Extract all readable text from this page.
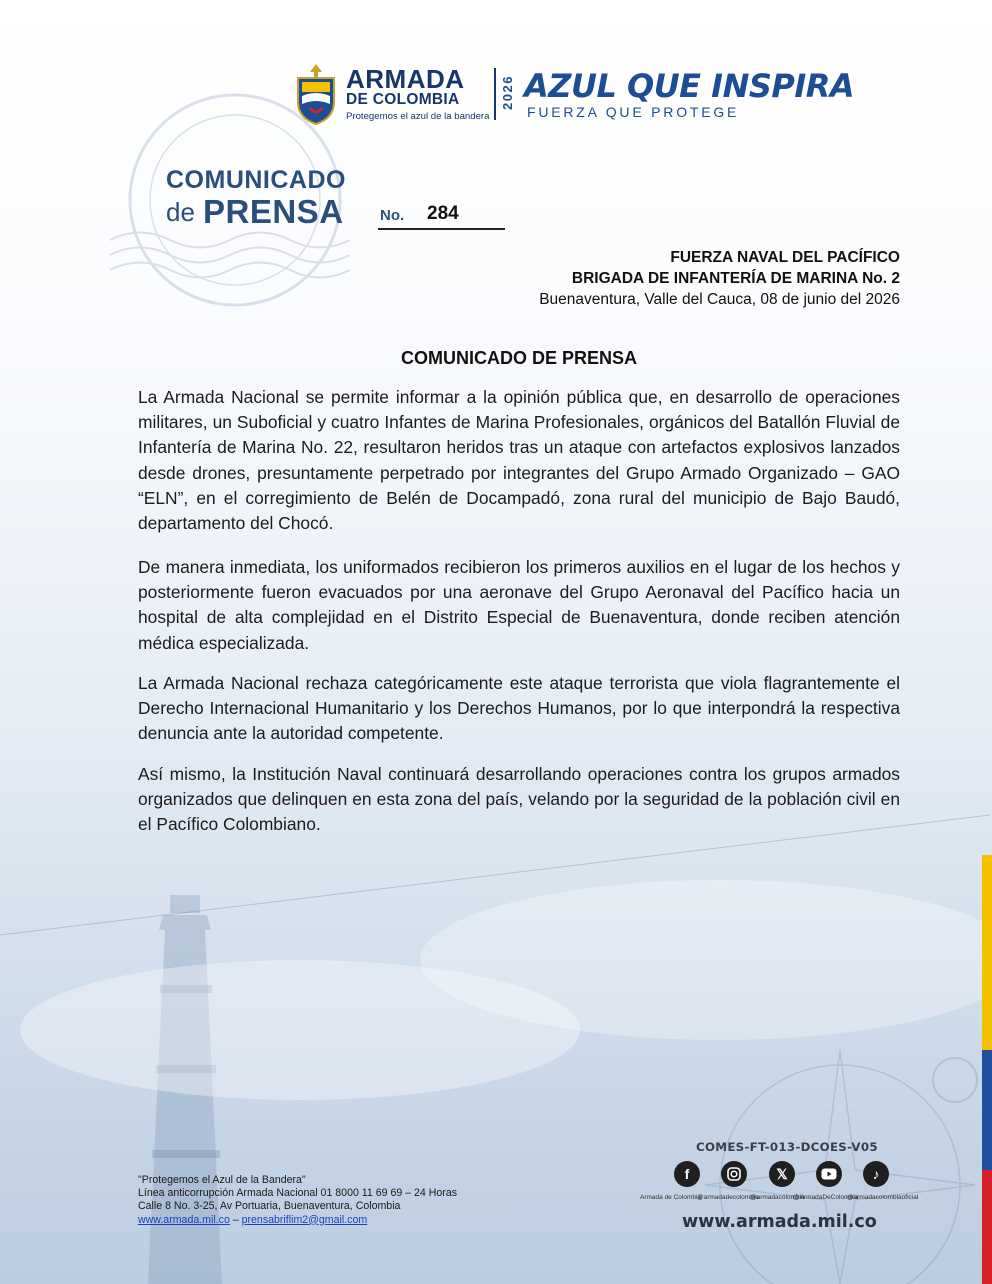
ARMADA
DE COLOMBIA
Protegemos el azul de la bandera
2026 AZUL QUE INSPIRA
FUERZA QUE PROTEGE
COMUNICADO
de PRENSA No. 284
FUERZA NAVAL DEL PACÍFICO
BRIGADA DE INFANTERÍA DE MARINA No. 2
Buenaventura, Valle del Cauca, 08 de junio del 2026
COMUNICADO DE PRENSA
La Armada Nacional se permite informar a la opinión pública que, en desarrollo de operaciones militares, un Suboficial y cuatro Infantes de Marina Profesionales, orgánicos del Batallón Fluvial de Infantería de Marina No. 22, resultaron heridos tras un ataque con artefactos explosivos lanzados desde drones, presuntamente perpetrado por integrantes del Grupo Armado Organizado – GAO “ELN”, en el corregimiento de Belén de Docampadó, zona rural del municipio de Bajo Baudó, departamento del Chocó.
De manera inmediata, los uniformados recibieron los primeros auxilios en el lugar de los hechos y posteriormente fueron evacuados por una aeronave del Grupo Aeronaval del Pacífico hacia un hospital de alta complejidad en el Distrito Especial de Buenaventura, donde reciben atención médica especializada.
La Armada Nacional rechaza categóricamente este ataque terrorista que viola flagrantemente el Derecho Internacional Humanitario y los Derechos Humanos, por lo que interpondrá la respectiva denuncia ante la autoridad competente.
Así mismo, la Institución Naval continuará desarrollando operaciones contra los grupos armados organizados que delinquen en esta zona del país, velando por la seguridad de la población civil en el Pacífico Colombiano.
"Protegemos el Azul de la Bandera"
Línea anticorrupción Armada Nacional 01 8000 11 69 69 – 24 Horas
Calle 8 No. 3-25, Av Portuaria, Buenaventura, Colombia
www.armada.mil.co – prensabriflim2@gmail.com
COMES-FT-013-DCOES-V05
f	𝕏	♪
Armada de Colombia
@armadadecolombia
@armadacolombia
@ArmadaDeColombia
@armadacolombiaoficial
www.armada.mil.co
